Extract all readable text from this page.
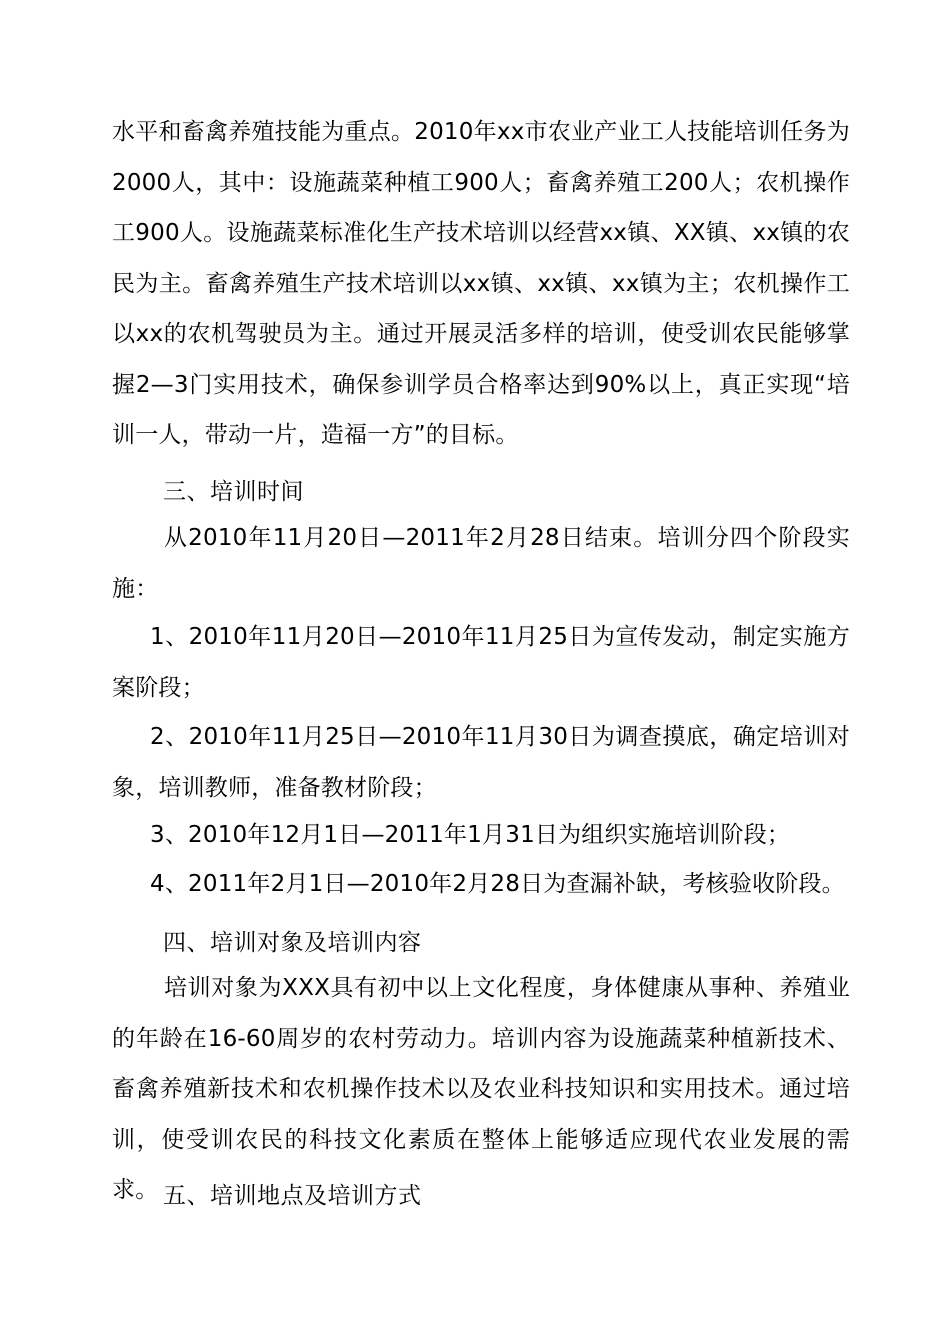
水平和畜禽养殖技能为重点。2010年xx市农业产业工人技能培训任务为2000人，其中：设施蔬菜种植工900人；畜禽养殖工200人；农机操作工900人。设施蔬菜标准化生产技术培训以经营xx镇、XX镇、xx镇的农民为主。畜禽养殖生产技术培训以xx镇、xx镇、xx镇为主；农机操作工以xx的农机驾驶员为主。通过开展灵活多样的培训，使受训农民能够掌握2—3门实用技术，确保参训学员合格率达到90%以上，真正实现“培训一人，带动一片，造福一方”的目标。

三、培训时间

从2010年11月20日—2011年2月28日结束。培训分四个阶段实施：

1、2010年11月20日—2010年11月25日为宣传发动，制定实施方案阶段；

2、2010年11月25日—2010年11月30日为调查摸底，确定培训对象，培训教师，准备教材阶段；

3、2010年12月1日—2011年1月31日为组织实施培训阶段；

4、2011年2月1日—2010年2月28日为查漏补缺，考核验收阶段。

四、培训对象及培训内容

培训对象为XXX具有初中以上文化程度，身体健康从事种、养殖业的年龄在16-60周岁的农村劳动力。培训内容为设施蔬菜种植新技术、畜禽养殖新技术和农机操作技术以及农业科技知识和实用技术。通过培训，使受训农民的科技文化素质在整体上能够适应现代农业发展的需求。 五、培训地点及培训方式
